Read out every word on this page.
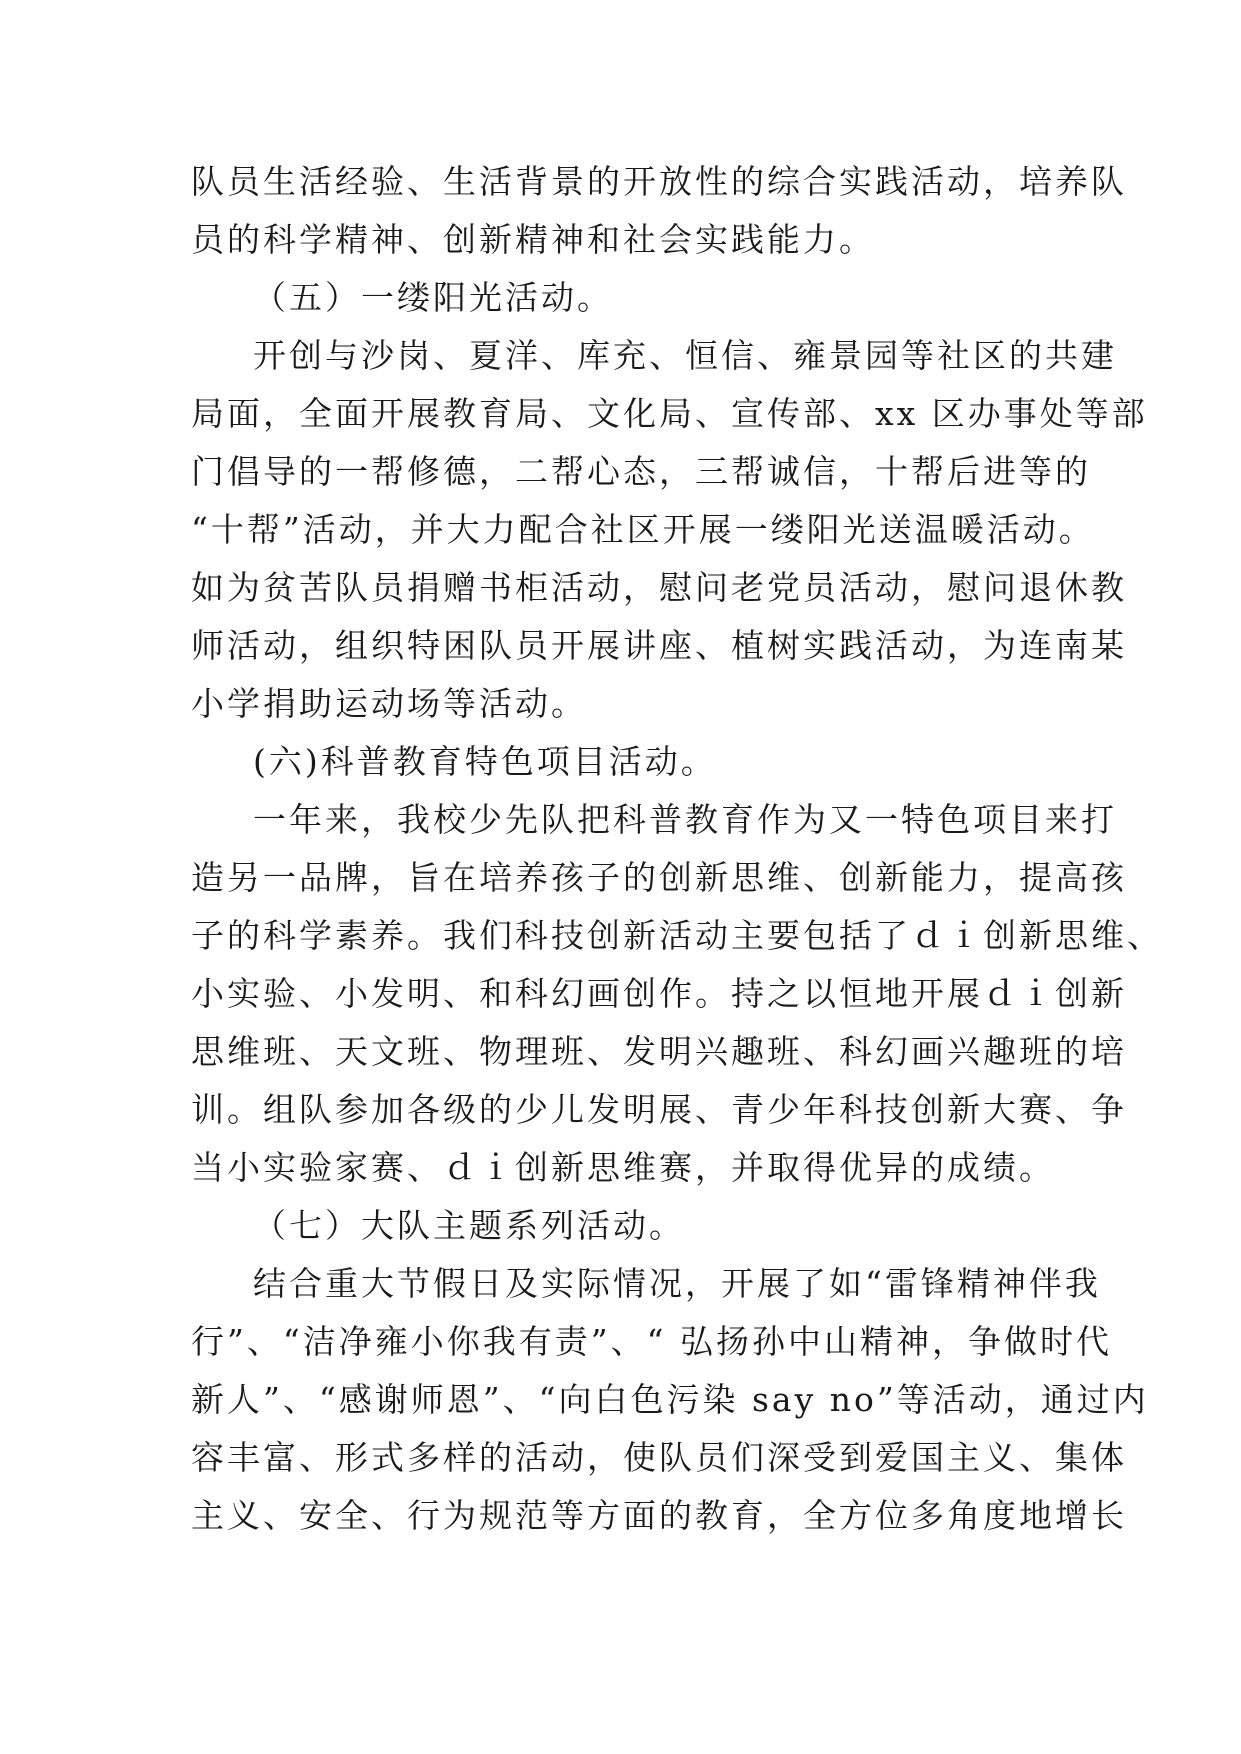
队员生活经验、生活背景的开放性的综合实践活动，培养队
员的科学精神、创新精神和社会实践能力。
（五）一缕阳光活动。
开创与沙岗、夏洋、库充、恒信、雍景园等社区的共建
局面，全面开展教育局、文化局、宣传部、xx 区办事处等部
门倡导的一帮修德，二帮心态，三帮诚信，十帮后进等的
“十帮”活动，并大力配合社区开展一缕阳光送温暖活动。
如为贫苦队员捐赠书柜活动，慰问老党员活动，慰问退休教
师活动，组织特困队员开展讲座、植树实践活动，为连南某
小学捐助运动场等活动。
(六)科普教育特色项目活动。
一年来，我校少先队把科普教育作为又一特色项目来打
造另一品牌，旨在培养孩子的创新思维、创新能力，提高孩
子的科学素养。我们科技创新活动主要包括了ｄｉ创新思维、
小实验、小发明、和科幻画创作。持之以恒地开展ｄｉ创新
思维班、天文班、物理班、发明兴趣班、科幻画兴趣班的培
训。组队参加各级的少儿发明展、青少年科技创新大赛、争
当小实验家赛、ｄｉ创新思维赛，并取得优异的成绩。
（七）大队主题系列活动。
结合重大节假日及实际情况，开展了如“雷锋精神伴我
行”、“洁净雍小你我有责”、“ 弘扬孙中山精神，争做时代
新人”、“感谢师恩”、“向白色污染 say no”等活动，通过内
容丰富、形式多样的活动，使队员们深受到爱国主义、集体
主义、安全、行为规范等方面的教育，全方位多角度地增长
